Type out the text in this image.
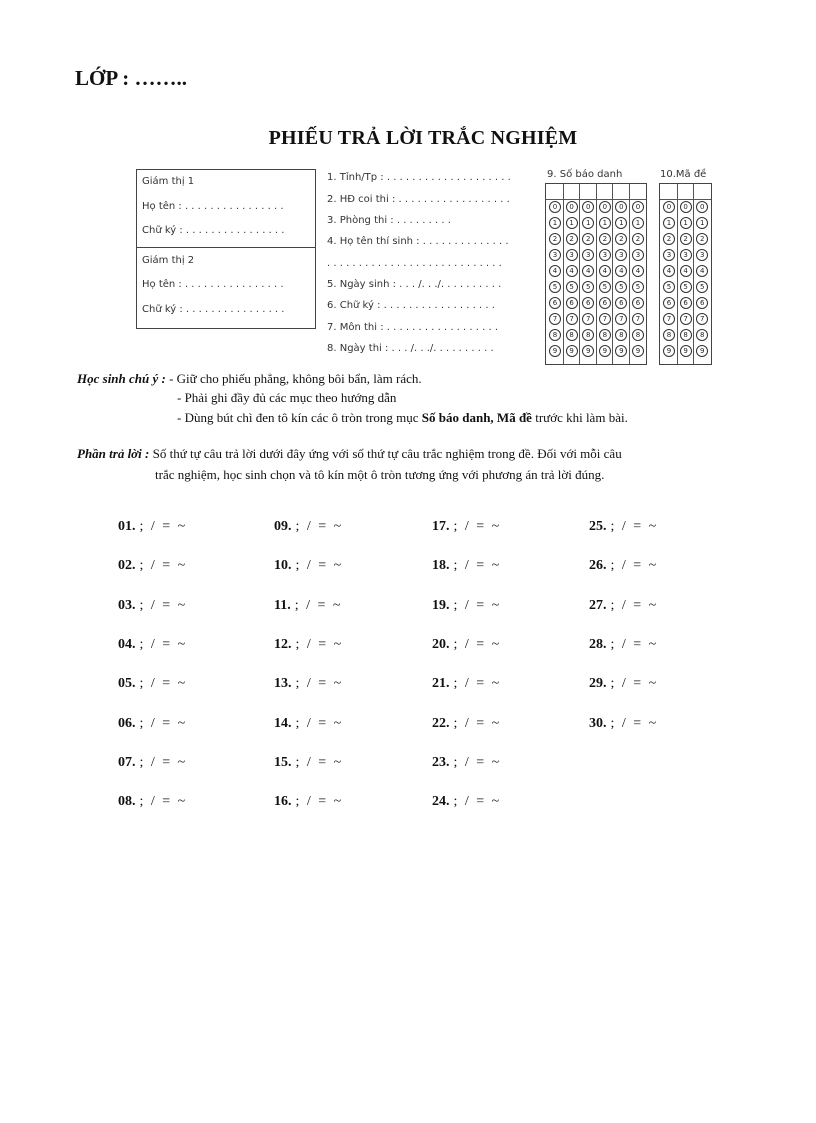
LỚP : ……..
PHIẾU TRẢ LỜI TRẮC NGHIỆM
Giám thị 1
Họ tên : . . . . . . . . . . . . . . . .
Chữ ký : . . . . . . . . . . . . . . . .
Giám thị 2
Họ tên : . . . . . . . . . . . . . . . .
Chữ ký : . . . . . . . . . . . . . . . .
1. Tỉnh/Tp : . . . . . . . . . . . . . . . . . . . .
2. HĐ coi thi : . . . . . . . . . . . . . . . . . .
3. Phòng thi : . . . . . . . . .
4. Họ tên thí sinh : . . . . . . . . . . . . . .
. . . . . . . . . . . . . . . . . . . . . . . . . . . .
5. Ngày sinh : . . . /. . ./. . . . . . . . . .
6. Chữ ký : . . . . . . . . . . . . . . . . . .
7. Môn thi : . . . . . . . . . . . . . . . . . .
8. Ngày thi : . . . /. . ./. . . . . . . . . .
9. Số báo danh
0
1
2
3
4
5
6
7
8
9
0
1
2
3
4
5
6
7
8
9
0
1
2
3
4
5
6
7
8
9
0
1
2
3
4
5
6
7
8
9
0
1
2
3
4
5
6
7
8
9
0
1
2
3
4
5
6
7
8
9
10.Mã đề
0
1
2
3
4
5
6
7
8
9
0
1
2
3
4
5
6
7
8
9
0
1
2
3
4
5
6
7
8
9
Học sinh chú ý : - Giữ cho phiếu phẳng, không bôi bẩn, làm rách.
- Phải ghi đầy đủ các mục theo hướng dẫn
- Dùng bút chì đen tô kín các ô tròn trong mục Số báo danh, Mã đề trước khi làm bài.
Phần trả lời : Số thứ tự câu trả lời dưới đây ứng với số thứ tự câu trắc nghiệm trong đề. Đối với mỗi câu
trắc nghiệm, học sinh chọn và tô kín một ô tròn tương ứng với phương án trả lời đúng.
01. ; / = ~
02. ; / = ~
03. ; / = ~
04. ; / = ~
05. ; / = ~
06. ; / = ~
07. ; / = ~
08. ; / = ~
09. ; / = ~
10. ; / = ~
11. ; / = ~
12. ; / = ~
13. ; / = ~
14. ; / = ~
15. ; / = ~
16. ; / = ~
17. ; / = ~
18. ; / = ~
19. ; / = ~
20. ; / = ~
21. ; / = ~
22. ; / = ~
23. ; / = ~
24. ; / = ~
25. ; / = ~
26. ; / = ~
27. ; / = ~
28. ; / = ~
29. ; / = ~
30. ; / = ~
